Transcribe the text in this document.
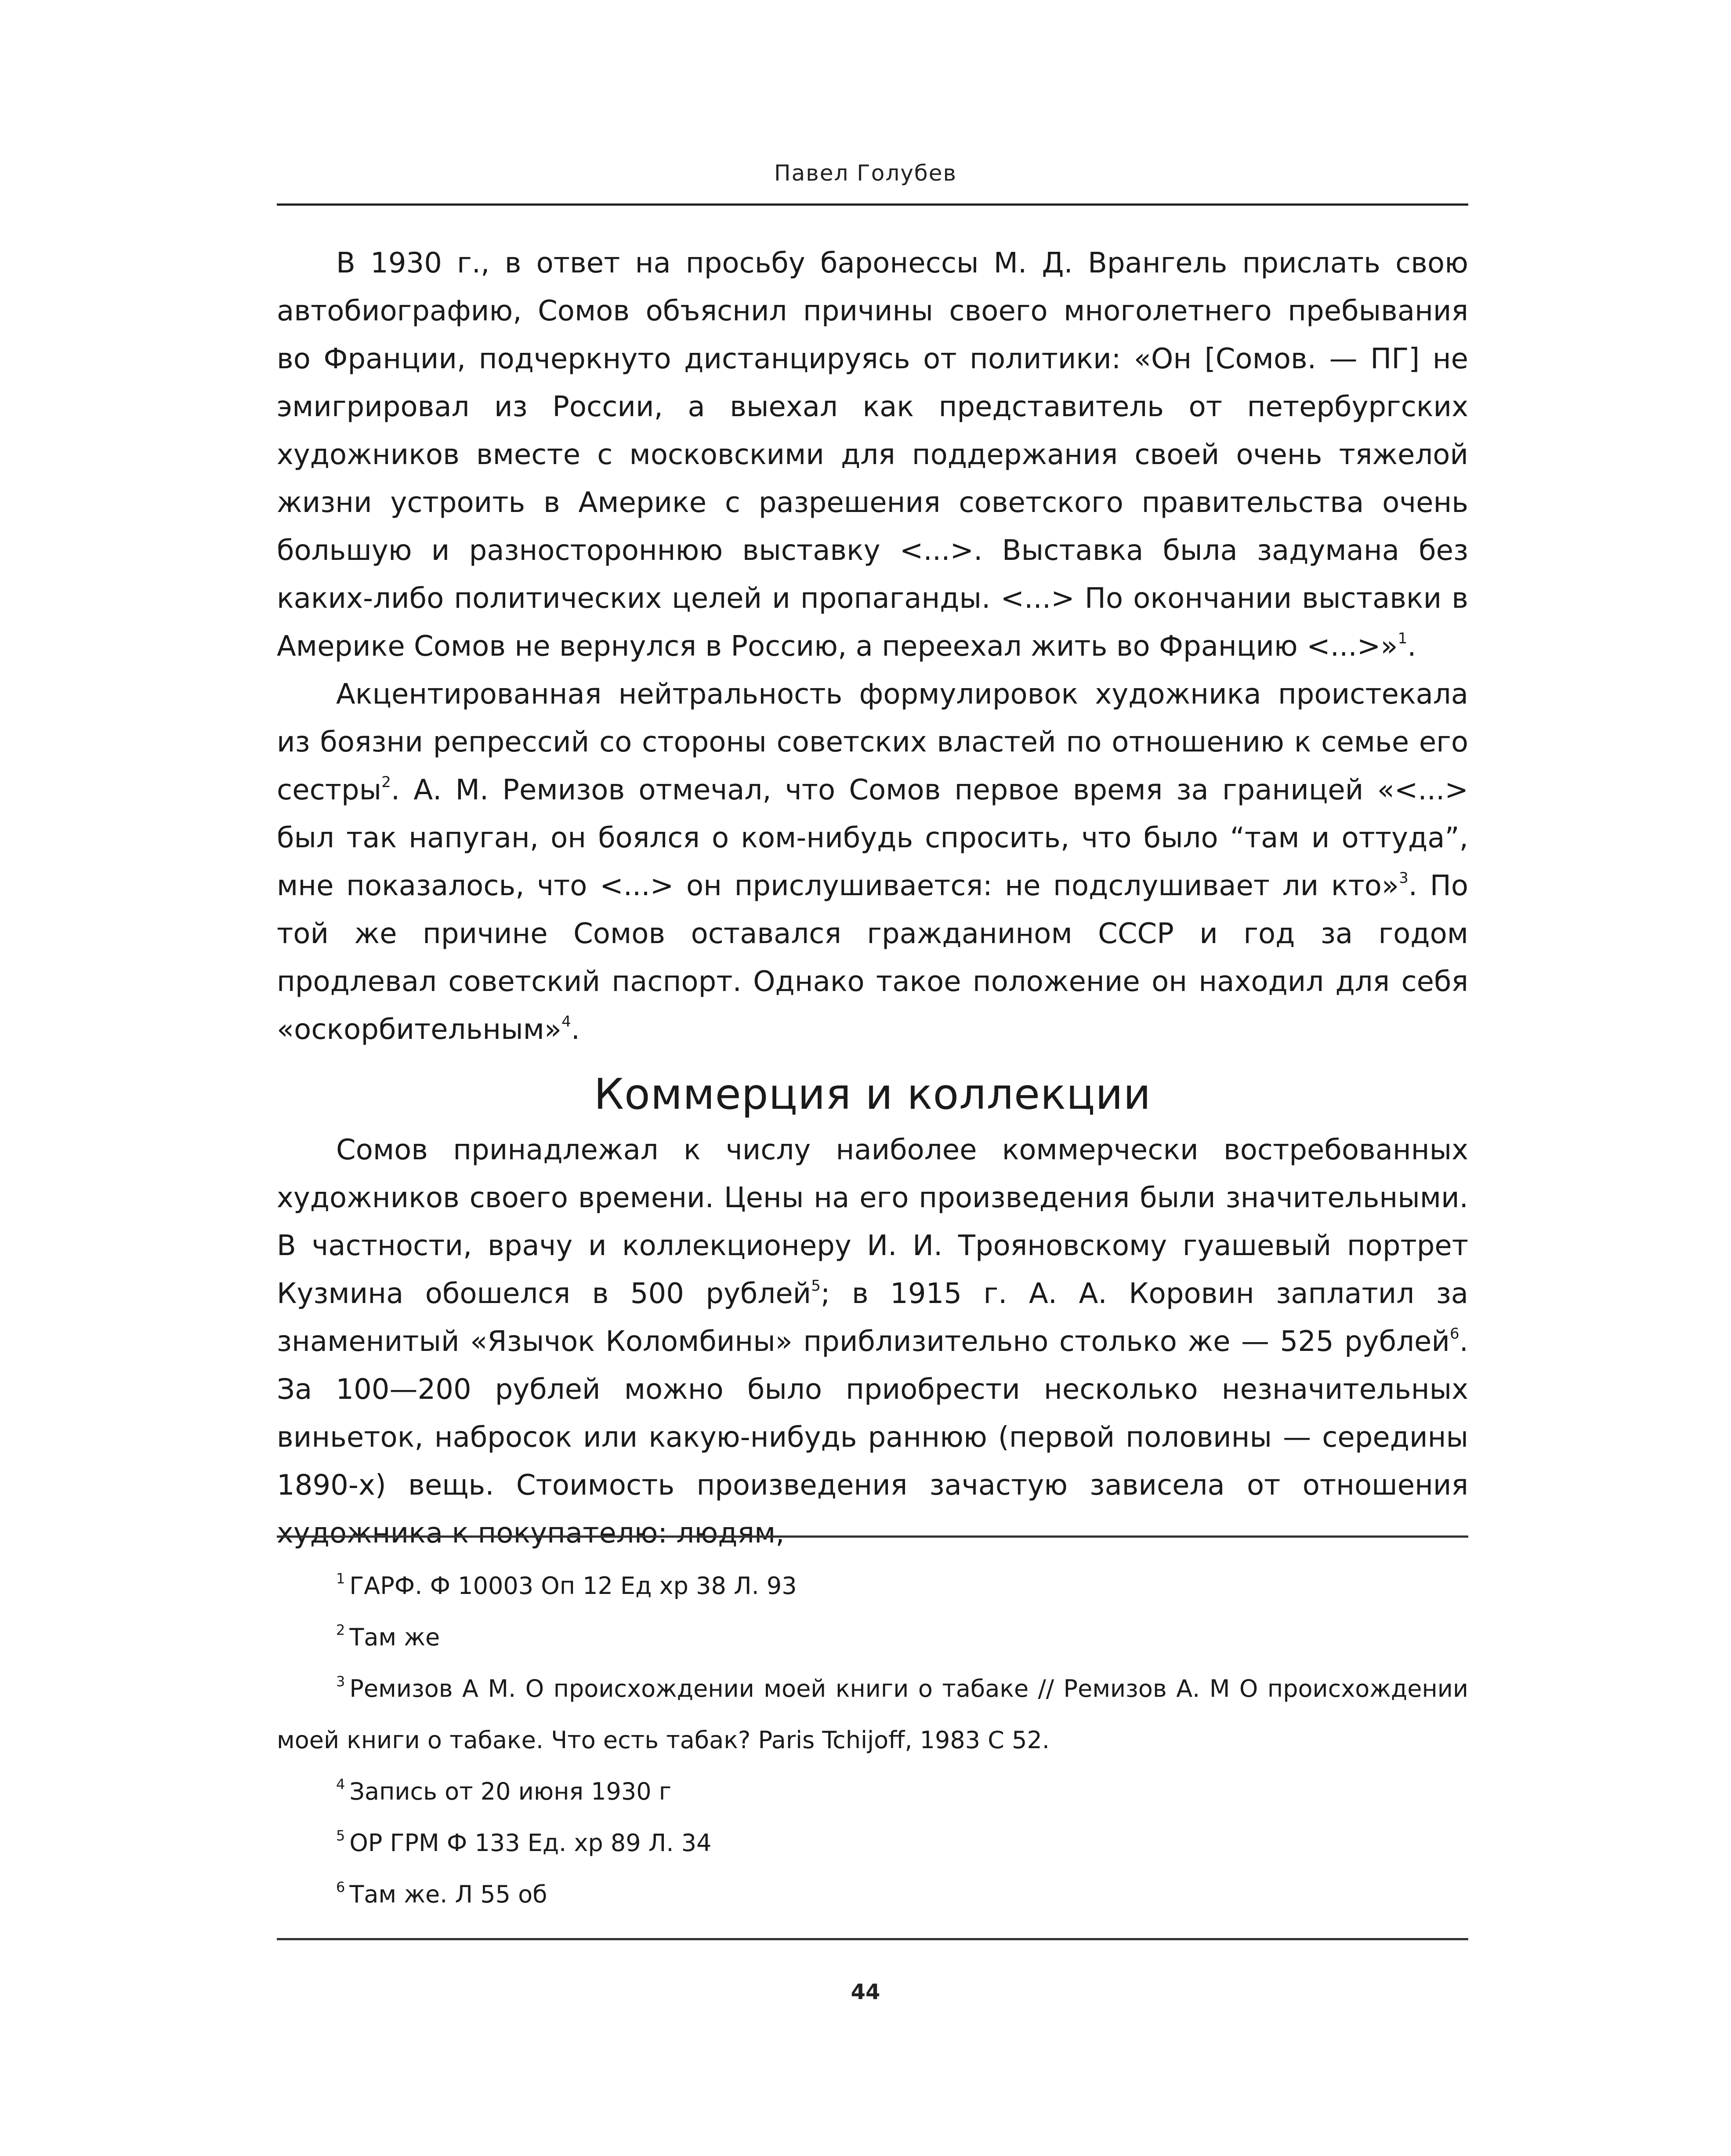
Павел Голубев

В 1930 г., в ответ на просьбу баронессы М. Д. Врангель прислать свою автобиографию, Сомов объяснил причины своего многолетнего пребывания во Франции, подчеркнуто дистанцируясь от политики: «Он [Сомов. — ПГ] не эмигрировал из России, а выехал как представитель от петербургских художников вместе с московскими для поддержания своей очень тяжелой жизни устроить в Америке с разрешения советского правительства очень большую и разностороннюю выставку <...>. Выставка была задумана без каких-либо политических целей и пропаганды. <...> По окончании выставки в Америке Сомов не вернулся в Россию, а переехал жить во Францию <...>»$^1$.

Акцентированная нейтральность формулировок художника проистекала из боязни репрессий со стороны советских властей по отношению к семье его сестры$^2$. А. М. Ремизов отмечал, что Сомов первое время за границей «<...> был так напуган, он боялся о ком-нибудь спросить, что было “там и оттуда”, мне показалось, что <...> он прислушивается: не подслушивает ли кто»$^3$. По той же причине Сомов оставался гражданином СССР и год за годом продлевал советский паспорт. Однако такое положение он находил для себя «оскорбительным»$^4$.

Коммерция и коллекции

Сомов принадлежал к числу наиболее коммерчески востребованных художников своего времени. Цены на его произведения были значительными. В частности, врачу и коллекционеру И. И. Трояновскому гуашевый портрет Кузмина обошелся в 500 рублей$^5$; в 1915 г. А. А. Коровин заплатил за знаменитый «Язычок Коломбины» приблизительно столько же — 525 рублей$^6$. За 100—200 рублей можно было приобрести несколько незначительных виньеток, набросок или какую-нибудь раннюю (первой половины — середины 1890-х) вещь. Стоимость произведения зачастую зависела от отношения художника к покупателю: людям,

$^1$ ГАРФ. Ф 10003 Оп 12 Ед хр 38 Л. 93

$^2$ Там же

$^3$ Ремизов А М. О происхождении моей книги о табаке // Ремизов А. М О происхождении моей книги о табаке. Что есть табак? Paris Tchijoff, 1983 С 52.

$^4$ Запись от 20 июня 1930 г

$^5$ ОР ГРМ Ф 133 Ед. хр 89 Л. 34

$^6$ Там же. Л 55 об

44
